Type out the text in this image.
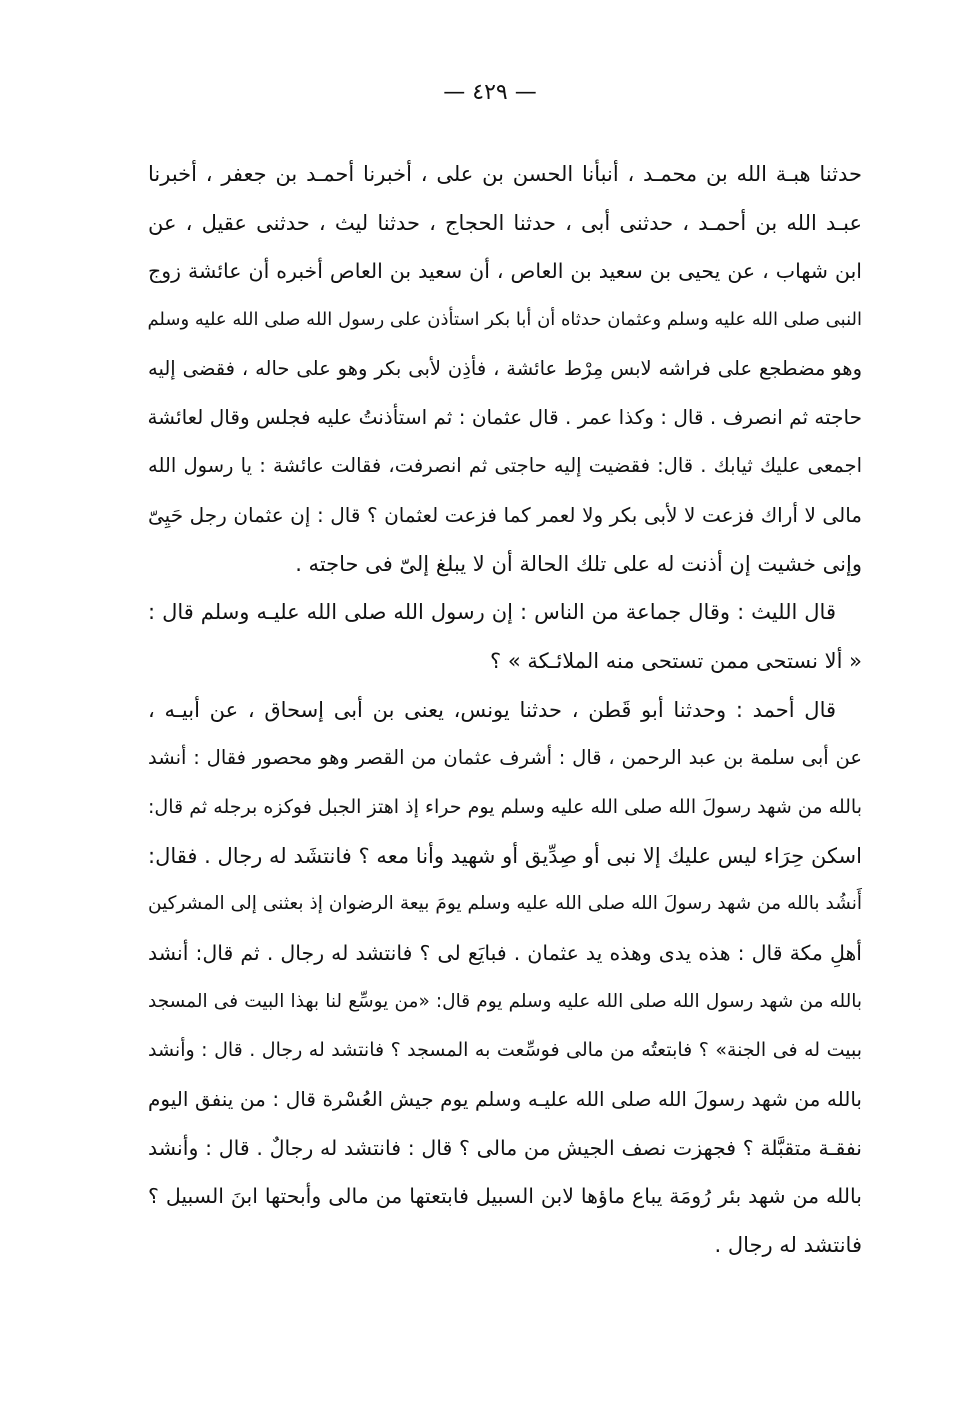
— ٤٢٩ —
حدثنا هبـة الله بن محمـد ، أنبأنا الحسن بن على ، أخبرنا أحمـد بن جعفر ، أخبرنا
عبـد الله بن أحمـد ، حدثنى أبى ، حدثنا الحجاج ، حدثنا ليث ، حدثنى عقيل ، عن
ابن شهاب ، عن يحيى بن سعيد بن العاص ، أن سعيد بن العاص أخبره أن عائشة زوج
النبى صلى الله عليه وسلم وعثمان حدثاه أن أبا بكر استأذن على رسول الله صلى الله عليه وسلم
وهو مضطجع على فراشه لابس مِرْط عائشة ، فأذِن لأبى بكر وهو على حاله ، فقضى إليه
حاجته ثم انصرف . قال : وكذا عمر . قال عثمان : ثم استأذنتُ عليه فجلس وقال لعائشة
اجمعى عليك ثيابك . قال: فقضيت إليه حاجتى ثم انصرفت، فقالت عائشة : يا رسول الله
مالى لا أراك فزعت لا لأبى بكر ولا لعمر كما فزعت لعثمان ؟ قال : إن عثمان رجل حَيِىّ
وإنى خشيت إن أذنت له على تلك الحالة أن لا يبلغ إلىّ فى حاجته .
قال الليث : وقال جماعة من الناس : إن رسول الله صلى الله عليـه وسلم قال :
« ألا نستحى ممن تستحى منه الملائـكة » ؟
قال أحمد : وحدثنا أبو قَطن ، حدثنا يونس، يعنى بن أبى إسحاق ، عن أبيـه ،
عن أبى سلمة بن عبد الرحمن ، قال : أشرف عثمان من القصر وهو محصور فقال : أنشد
بالله من شهد رسولَ الله صلى الله عليه وسلم يوم حراء إذ اهتز الجبل فوكزه برجله ثم قال:
اسكن حِرَاء ليس عليك إلا نبى أو صِدِّيق أو شهيد وأنا معه ؟ فانتشَد له رجال . فقال:
أَنشُد بالله من شهد رسولَ الله صلى الله عليه وسلم يومَ بيعة الرضوان إذ بعثنى إلى المشركين
أهلِ مكة قال : هذه يدى وهذه يد عثمان . فبايَع لى ؟ فانتشد له رجال . ثم قال: أنشد
بالله من شهد رسول الله صلى الله عليه وسلم يوم قال: «من يوسِّع لنا بهذا البيت فى المسجد
ببيت له فى الجنة» ؟ فابتعتُه من مالى فوسِّعت به المسجد ؟ فانتشد له رجال . قال : وأنشد
بالله من شهد رسولَ الله صلى الله عليـه وسلم يوم جيش العُسْرة قال : من ينفق اليوم
نفقـة متقبَّلة ؟ فجهزت نصف الجيش من مالى ؟ قال : فانتشد له رجالٌ . قال : وأنشد
بالله من شهد بئر رُومَة يباع ماؤها لابن السبيل فابتعتها من مالى وأبحتها ابنَ السبيل ؟
فانتشد له رجال .
